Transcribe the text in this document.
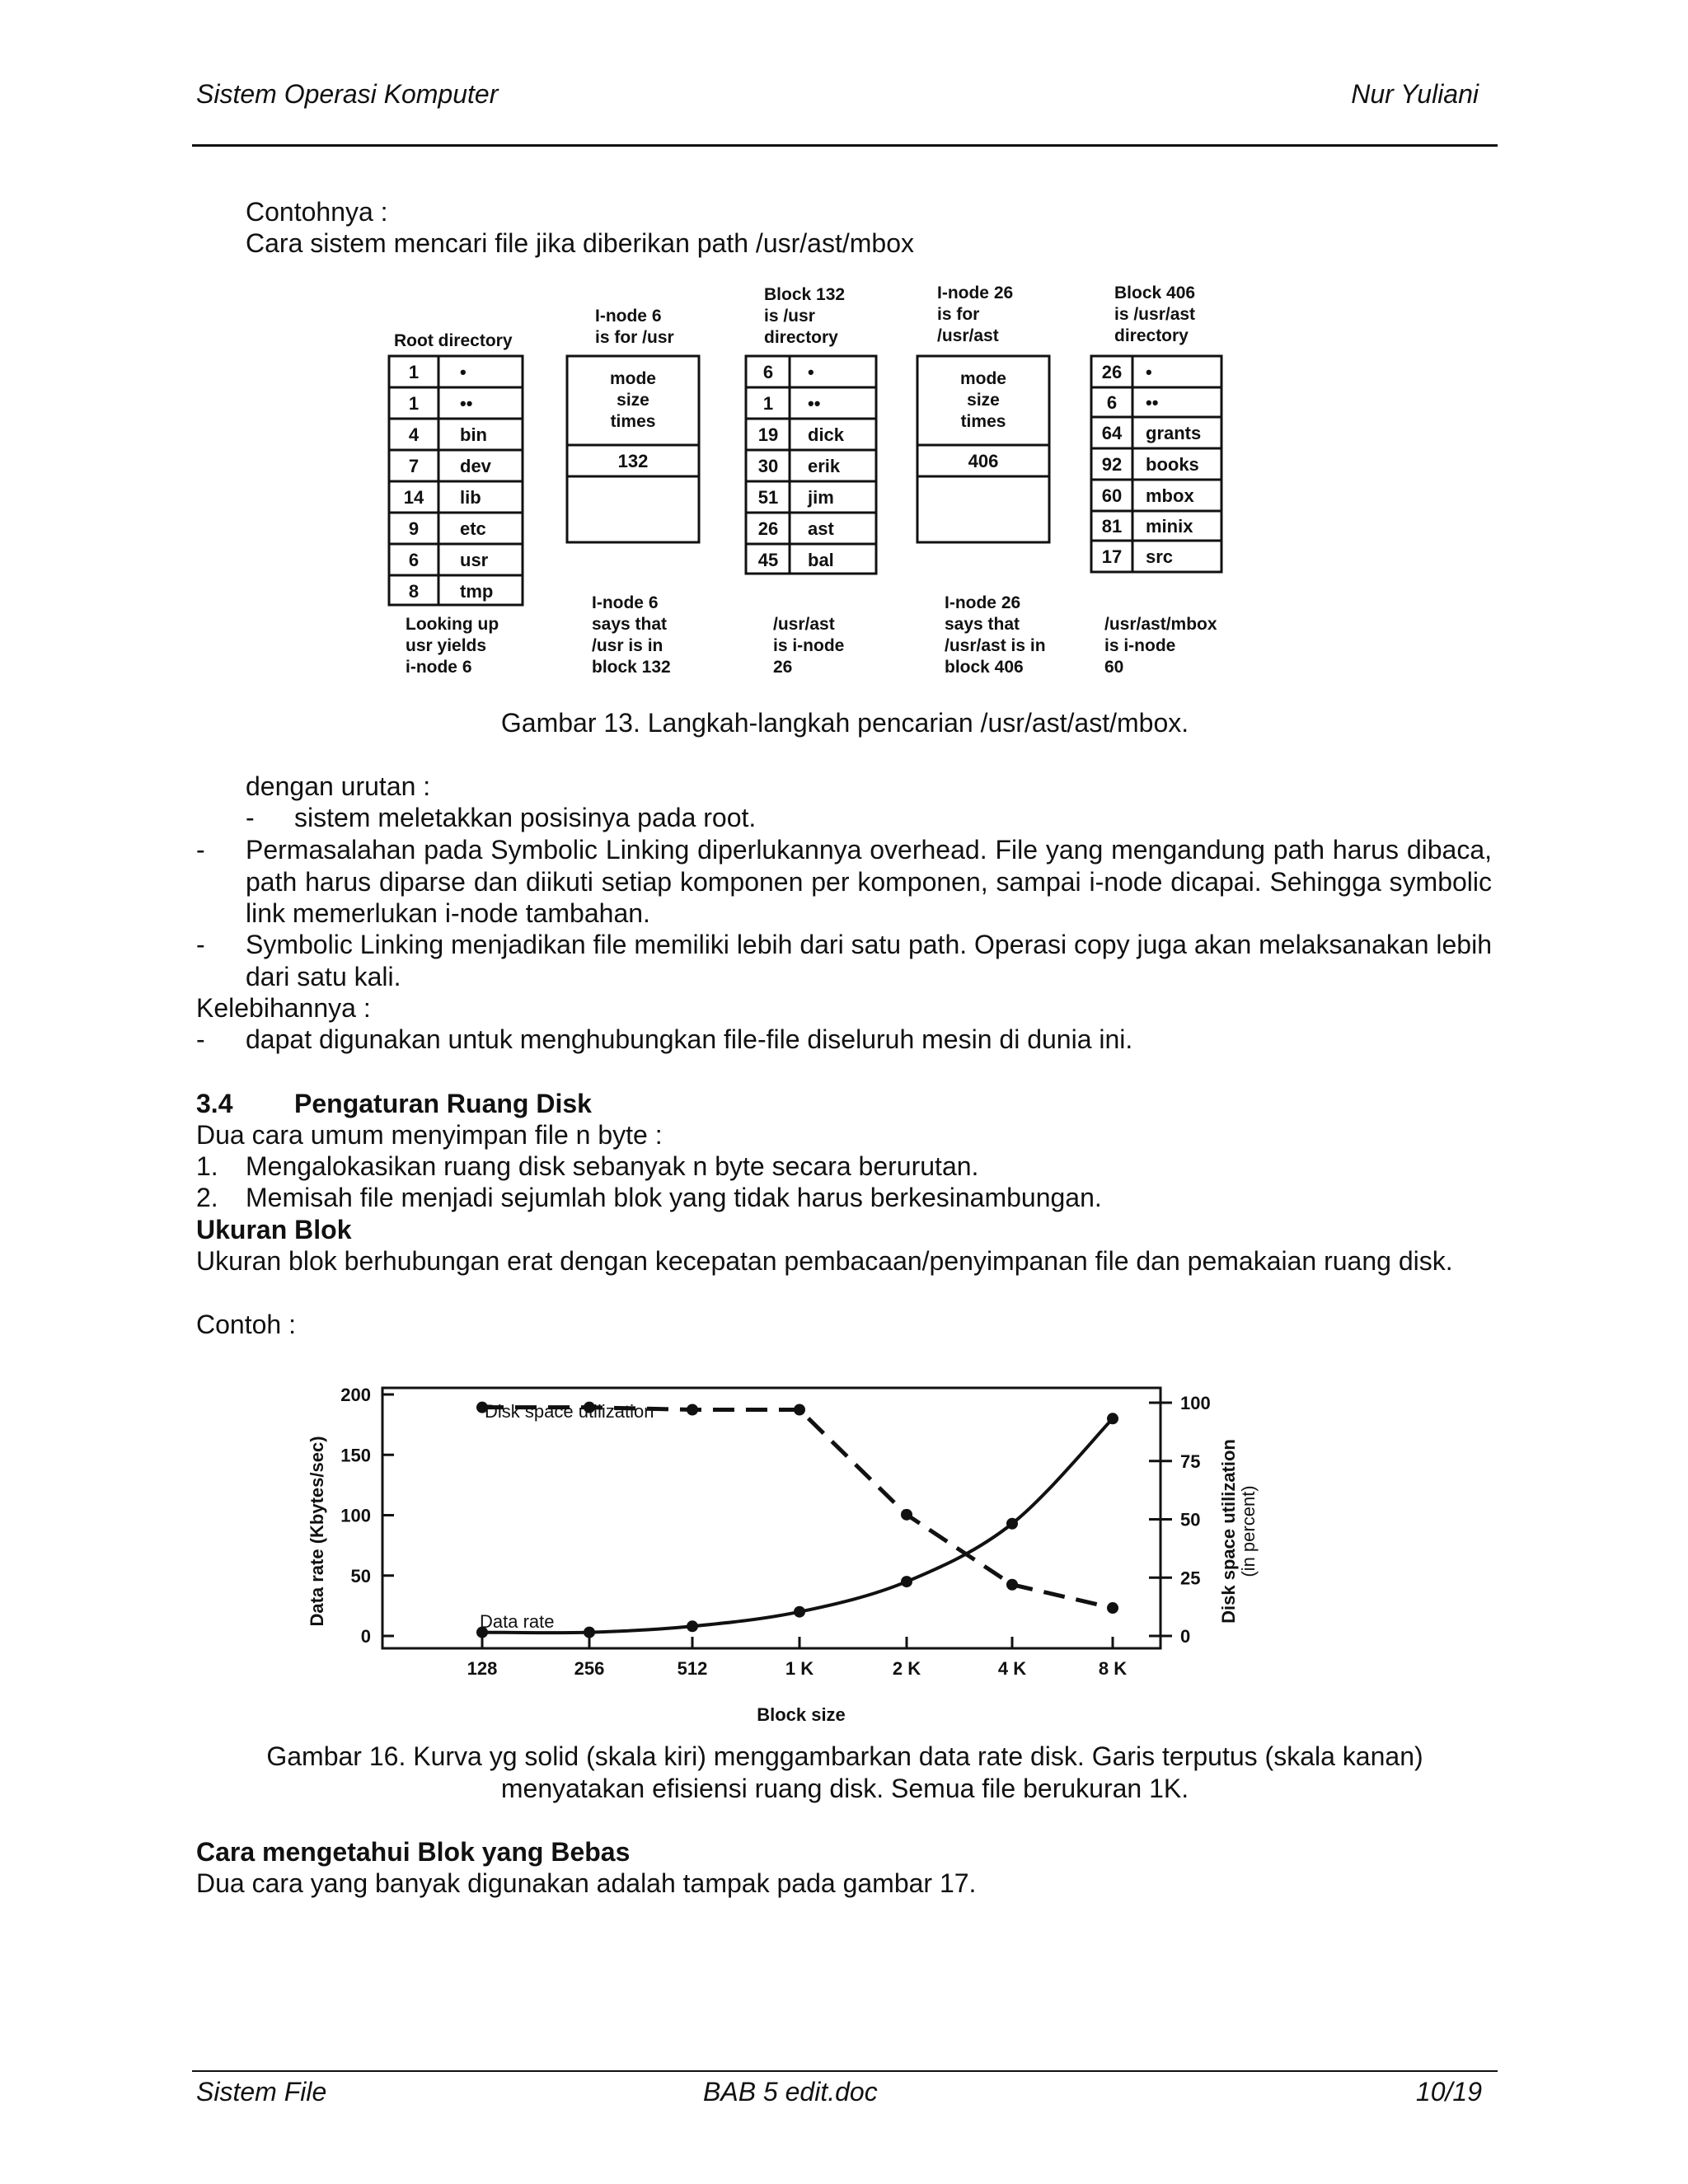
Sistem Operasi Komputer	Nur Yuliani
Contohnya :
Cara sistem mencari file jika diberikan path /usr/ast/mbox
Root directory
1 •
1 ••
4 bin
7 dev
14 lib
9 etc
6 usr
8 tmp
Looking up
usr yields
i-node 6
I-node 6
is for /usr
mode
size
times
132
I-node 6
says that
/usr is in
block 132
Block 132
is /usr
directory
6 •
1 ••
19 dick
30 erik
51 jim
26 ast
45 bal
/usr/ast
is i-node
26
I-node 26
is for
/usr/ast
mode
size
times
406
I-node 26
says that
/usr/ast is in
block 406
Block 406
is /usr/ast
directory
26 •
6 ••
64 grants
92 books
60 mbox
81 minix
17 src
/usr/ast/mbox
is i-node
60
Gambar 13. Langkah-langkah pencarian /usr/ast/ast/mbox.
dengan urutan :
- sistem meletakkan posisinya pada root.
- Permasalahan pada Symbolic Linking diperlukannya overhead. File yang mengandung path harus dibaca, path harus diparse dan diikuti setiap komponen per komponen, sampai i-node dicapai. Sehingga symbolic link memerlukan i-node tambahan.
- Symbolic Linking menjadikan file memiliki lebih dari satu path. Operasi copy juga akan melaksanakan lebih dari satu kali.
Kelebihannya :
- dapat digunakan untuk menghubungkan file-file diseluruh mesin di dunia ini.
3.4 Pengaturan Ruang Disk
Dua cara umum menyimpan file n byte :
1. Mengalokasikan ruang disk sebanyak n byte secara berurutan.
2. Memisah file menjadi sejumlah blok yang tidak harus berkesinambungan.
Ukuran Blok
Ukuran blok berhubungan erat dengan kecepatan pembacaan/penyimpanan file dan pemakaian ruang disk.
Contoh :
0
50
100
150
200
0
25
50
75
100
128	256	512	1 K	2 K	4 K	8 K
Disk space utilization
Data rate
Block size
Data rate (Kbytes/sec)	Disk space utilization (in percent)
Gambar 16. Kurva yg solid (skala kiri) menggambarkan data rate disk. Garis terputus (skala kanan) menyatakan efisiensi ruang disk. Semua file berukuran 1K.
Cara mengetahui Blok yang Bebas
Dua cara yang banyak digunakan adalah tampak pada gambar 17.
Sistem File	BAB 5 edit.doc	10/19
